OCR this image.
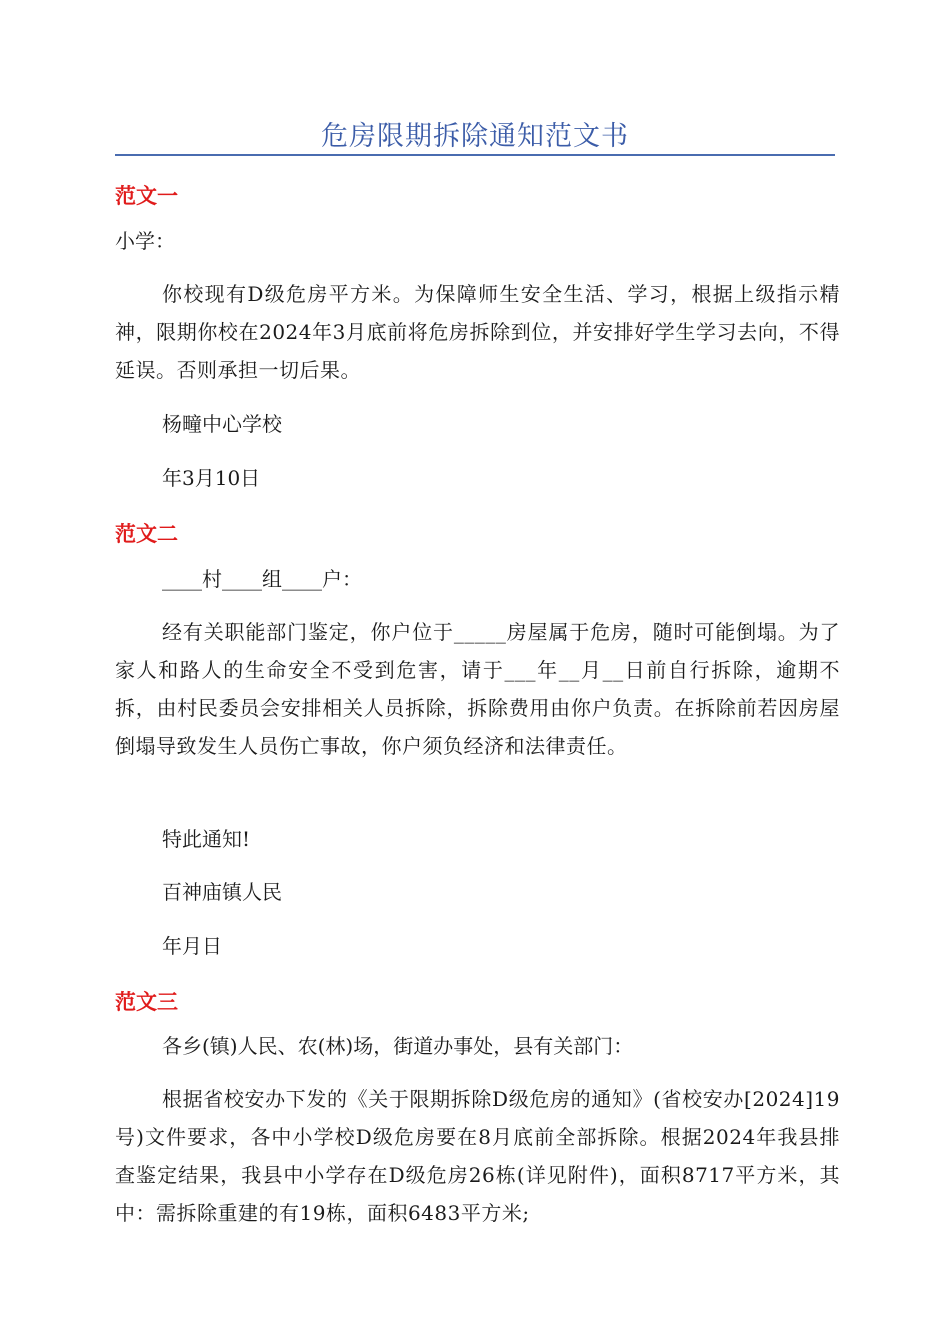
危房限期拆除通知范文书
范文一

小学：

你校现有D级危房平方米。为保障师生安全生活、学习，根据上级指示精神，限期你校在2024年3月底前将危房拆除到位，并安排好学生学习去向，不得延误。否则承担一切后果。

杨疃中心学校

年3月10日

范文二

____村____组____户：

经有关职能部门鉴定，你户位于_____房屋属于危房，随时可能倒塌。为了家人和路人的生命安全不受到危害，请于___年__月__日前自行拆除，逾期不拆，由村民委员会安排相关人员拆除，拆除费用由你户负责。在拆除前若因房屋倒塌导致发生人员伤亡事故，你户须负经济和法律责任。

特此通知!

百神庙镇人民

年月日

范文三

各乡(镇)人民、农(林)场，街道办事处，县有关部门：

根据省校安办下发的《关于限期拆除D级危房的通知》(省校安办[2024]19号)文件要求，各中小学校D级危房要在8月底前全部拆除。根据2024年我县排查鉴定结果，我县中小学存在D级危房26栋(详见附件)，面积8717平方米，其中：需拆除重建的有19栋，面积6483平方米;
